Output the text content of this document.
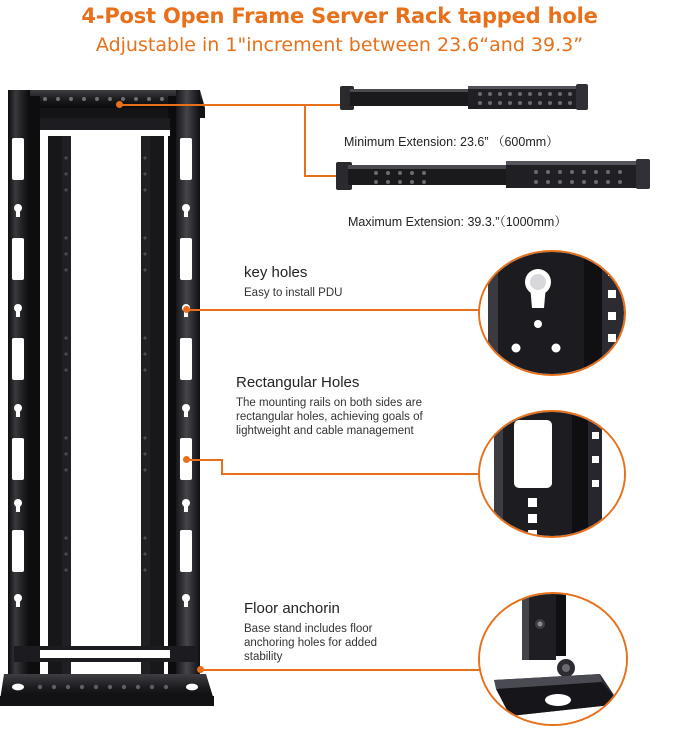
4-Post Open Frame Server Rack tapped hole
Adjustable in 1"increment between 23.6“and 39.3”
Minimum Extension: 23.6” （600mm）
Maximum Extension: 39.3.”（1000mm）
key holes
Easy to install PDU
Rectangular Holes
The mounting rails on both sides are rectangular holes, achieving goals of lightweight and cable management
Floor anchorin
Base stand includes floor anchoring holes for added stability
